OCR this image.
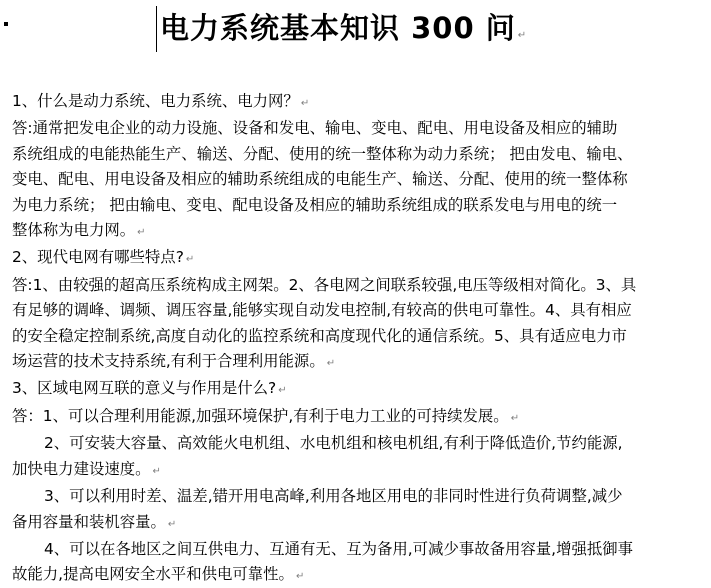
电力系统基本知识 300 问 ↵

1、什么是动力系统、电力系统、电力网？ ↵

答:通常把发电企业的动力设施、设备和发电、输电、变电、配电、用电设备及相应的辅助

系统组成的电能热能生产、输送、分配、使用的统一整体称为动力系统； 把由发电、输电、

变电、配电、用电设备及相应的辅助系统组成的电能生产、输送、分配、使用的统一整体称

为电力系统； 把由输电、变电、配电设备及相应的辅助系统组成的联系发电与用电的统一

整体称为电力网。 ↵

2、现代电网有哪些特点? ↵

答:1、由较强的超高压系统构成主网架。2、各电网之间联系较强,电压等级相对简化。3、具

有足够的调峰、调频、调压容量,能够实现自动发电控制,有较高的供电可靠性。4、具有相应

的安全稳定控制系统,高度自动化的监控系统和高度现代化的通信系统。5、具有适应电力市

场运营的技术支持系统,有利于合理利用能源。 ↵

3、区域电网互联的意义与作用是什么? ↵

答：1、可以合理利用能源,加强环境保护,有利于电力工业的可持续发展。 ↵

2、可安装大容量、高效能火电机组、水电机组和核电机组,有利于降低造价,节约能源,

加快电力建设速度。 ↵

3、可以利用时差、温差,错开用电高峰,利用各地区用电的非同时性进行负荷调整,减少

备用容量和装机容量。 ↵

4、可以在各地区之间互供电力、互通有无、互为备用,可减少事故备用容量,增强抵御事

故能力,提高电网安全水平和供电可靠性。 ↵
